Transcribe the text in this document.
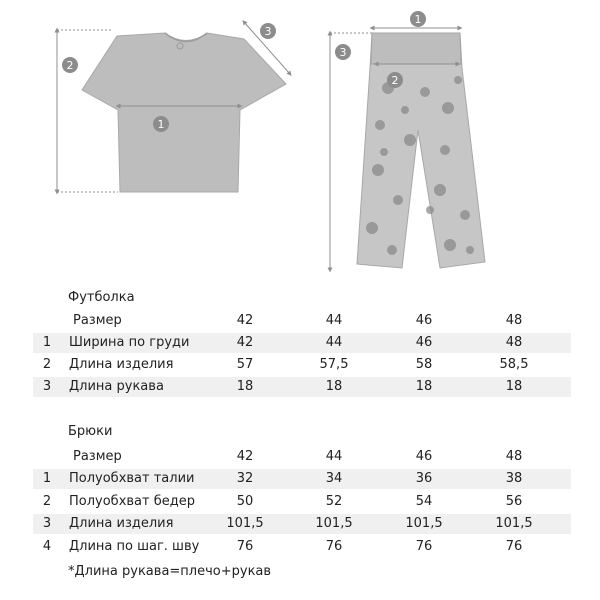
1
2
3
1
2
3
Футболка
Размер	42	44	46	48
1	Ширина по груди	42	44	46	48
2	Длина изделия	57	57,5	58	58,5
3	Длина рукава	18	18	18	18
Брюки
Размер	42	44	46	48
1	Полуобхват талии	32	34	36	38
2	Полуобхват бедер	50	52	54	56
3	Длина изделия	101,5	101,5	101,5	101,5
4	Длина по шаг. шву	76	76	76	76
*Длина рукава=плечо+рукав
